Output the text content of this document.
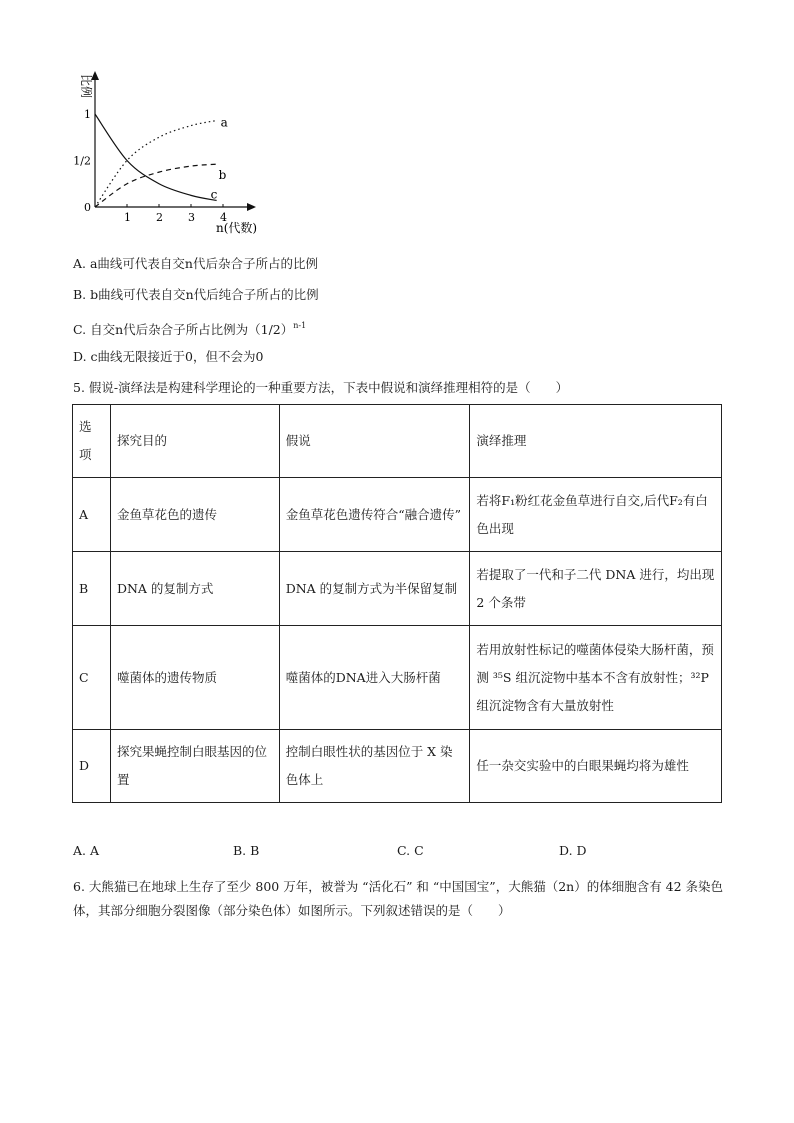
比例
n(代数)
1 2 3 4
0
1/2
1
a
b
c
A. a曲线可代表自交n代后杂合子所占的比例
B. b曲线可代表自交n代后纯合子所占的比例
C. 自交n代后杂合子所占比例为$(1/2)^{n-1}$
D. c曲线无限接近于0，但不会为0
5. 假说-演绎法是构建科学理论的一种重要方法，下表中假说和演绎推理相符的是（　　）
选项	探究目的	假说	演绎推理
A	金鱼草花色的遗传	金鱼草花色遗传符合“融合遗传”	若将F₁粉红花金鱼草进行自交,后代F₂有白色出现
B	DNA 的复制方式	DNA 的复制方式为半保留复制	若提取了一代和子二代 DNA 进行，均出现 2 个条带
C	噬菌体的遗传物质	噬菌体的DNA进入大肠杆菌	若用放射性标记的噬菌体侵染大肠杆菌，预测 ³⁵S 组沉淀物中基本不含有放射性；³²P 组沉淀物含有大量放射性
D	探究果蝇控制白眼基因的位置	控制白眼性状的基因位于 X 染色体上	任一杂交实验中的白眼果蝇均将为雄性
A. A	B. B	C. C	D. D
6. 大熊猫已在地球上生存了至少 800 万年，被誉为 “活化石” 和 “中国国宝”，大熊猫（2n）的体细胞含有 42 条染色体，其部分细胞分裂图像（部分染色体）如图所示。下列叙述错误的是（　　）
